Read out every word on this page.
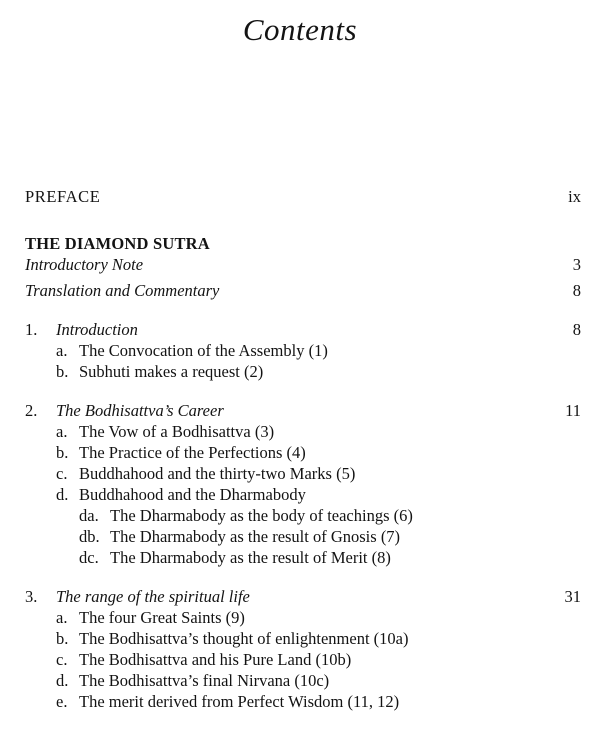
Contents
PREFACE	ix
THE DIAMOND SUTRA
Introductory Note	3
Translation and Commentary	8
1.	Introduction	8
a. The Convocation of the Assembly (1)
b. Subhuti makes a request (2)
2.	The Bodhisattva’s Career	11
a. The Vow of a Bodhisattva (3)
b. The Practice of the Perfections (4)
c. Buddhahood and the thirty-two Marks (5)
d. Buddhahood and the Dharmabody
da. The Dharmabody as the body of teachings (6)
db. The Dharmabody as the result of Gnosis (7)
dc. The Dharmabody as the result of Merit (8)
3.	The range of the spiritual life	31
a. The four Great Saints (9)
b. The Bodhisattva’s thought of enlightenment (10a)
c. The Bodhisattva and his Pure Land (10b)
d. The Bodhisattva’s final Nirvana (10c)
e. The merit derived from Perfect Wisdom (11, 12)
